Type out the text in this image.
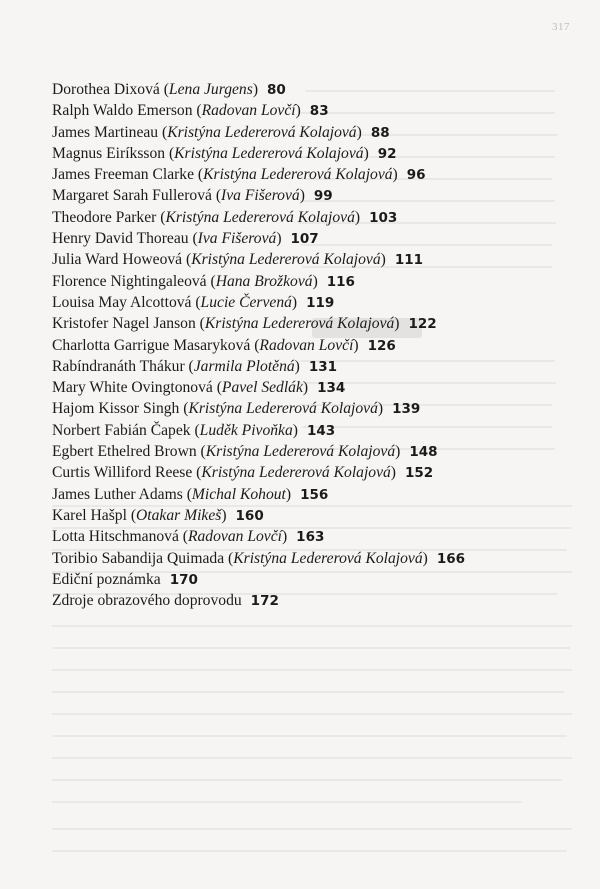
317
Dorothea Dixová (Lena Jurgens) 80
Ralph Waldo Emerson (Radovan Lovčí) 83
James Martineau (Kristýna Ledererová Kolajová) 88
Magnus Eiríksson (Kristýna Ledererová Kolajová) 92
James Freeman Clarke (Kristýna Ledererová Kolajová) 96
Margaret Sarah Fullerová (Iva Fišerová) 99
Theodore Parker (Kristýna Ledererová Kolajová) 103
Henry David Thoreau (Iva Fišerová) 107
Julia Ward Howeová (Kristýna Ledererová Kolajová) 111
Florence Nightingaleová (Hana Brožková) 116
Louisa May Alcottová (Lucie Červená) 119
Kristofer Nagel Janson (Kristýna Ledererová Kolajová) 122
Charlotta Garrigue Masaryková (Radovan Lovčí) 126
Rabíndranáth Thákur (Jarmila Plotěná) 131
Mary White Ovingtonová (Pavel Sedlák) 134
Hajom Kissor Singh (Kristýna Ledererová Kolajová) 139
Norbert Fabián Čapek (Luděk Pivoňka) 143
Egbert Ethelred Brown (Kristýna Ledererová Kolajová) 148
Curtis Williford Reese (Kristýna Ledererová Kolajová) 152
James Luther Adams (Michal Kohout) 156
Karel Hašpl (Otakar Mikeš) 160
Lotta Hitschmanová (Radovan Lovčí) 163
Toribio Sabandija Quimada (Kristýna Ledererová Kolajová) 166
Ediční poznámka 170
Zdroje obrazového doprovodu 172
